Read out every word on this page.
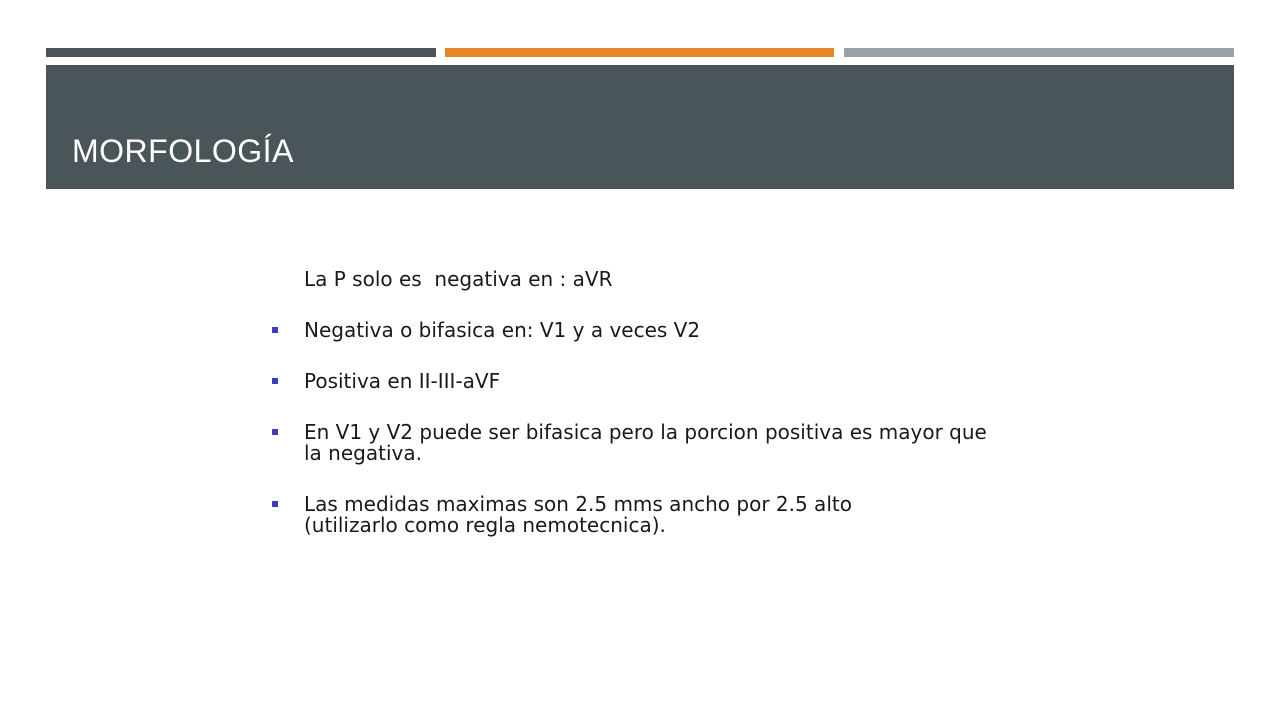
MORFOLOGÍA

La P solo es  negativa en : aVR

Negativa o bifasica en: V1 y a veces V2
Positiva en II-III-aVF
En V1 y V2 puede ser bifasica pero la porcion positiva es mayor que
la negativa.
Las medidas maximas son 2.5 mms ancho por 2.5 alto
(utilizarlo como regla nemotecnica).
